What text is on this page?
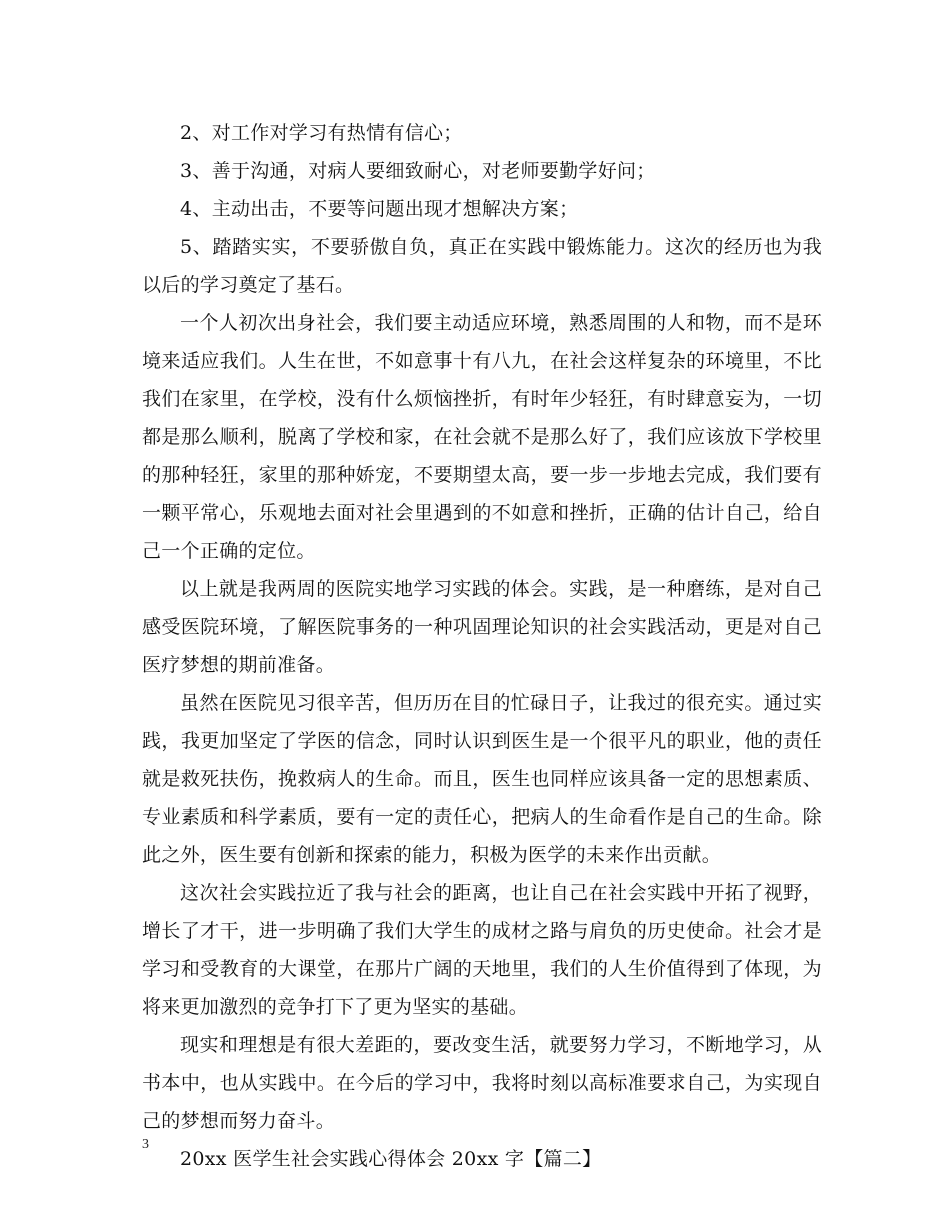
2、对工作对学习有热情有信心；

3、善于沟通，对病人要细致耐心，对老师要勤学好问；

4、主动出击，不要等问题出现才想解决方案；

5、踏踏实实，不要骄傲自负，真正在实践中锻炼能力。这次的经历也为我以后的学习奠定了基石。

一个人初次出身社会，我们要主动适应环境，熟悉周围的人和物，而不是环境来适应我们。人生在世，不如意事十有八九，在社会这样复杂的环境里，不比我们在家里，在学校，没有什么烦恼挫折，有时年少轻狂，有时肆意妄为，一切都是那么顺利，脱离了学校和家，在社会就不是那么好了，我们应该放下学校里的那种轻狂，家里的那种娇宠，不要期望太高，要一步一步地去完成，我们要有一颗平常心，乐观地去面对社会里遇到的不如意和挫折，正确的估计自己，给自己一个正确的定位。

以上就是我两周的医院实地学习实践的体会。实践，是一种磨练，是对自己感受医院环境，了解医院事务的一种巩固理论知识的社会实践活动，更是对自己医疗梦想的期前准备。

虽然在医院见习很辛苦，但历历在目的忙碌日子，让我过的很充实。通过实践，我更加坚定了学医的信念，同时认识到医生是一个很平凡的职业，他的责任就是救死扶伤，挽救病人的生命。而且，医生也同样应该具备一定的思想素质、专业素质和科学素质，要有一定的责任心，把病人的生命看作是自己的生命。除此之外，医生要有创新和探索的能力，积极为医学的未来作出贡献。

这次社会实践拉近了我与社会的距离，也让自己在社会实践中开拓了视野，增长了才干，进一步明确了我们大学生的成材之路与肩负的历史使命。社会才是学习和受教育的大课堂，在那片广阔的天地里，我们的人生价值得到了体现，为将来更加激烈的竞争打下了更为坚实的基础。

现实和理想是有很大差距的，要改变生活，就要努力学习，不断地学习，从书本中，也从实践中。在今后的学习中，我将时刻以高标准要求自己，为实现自己的梦想而努力奋斗。

20xx 医学生社会实践心得体会 20xx 字【篇二】

3
